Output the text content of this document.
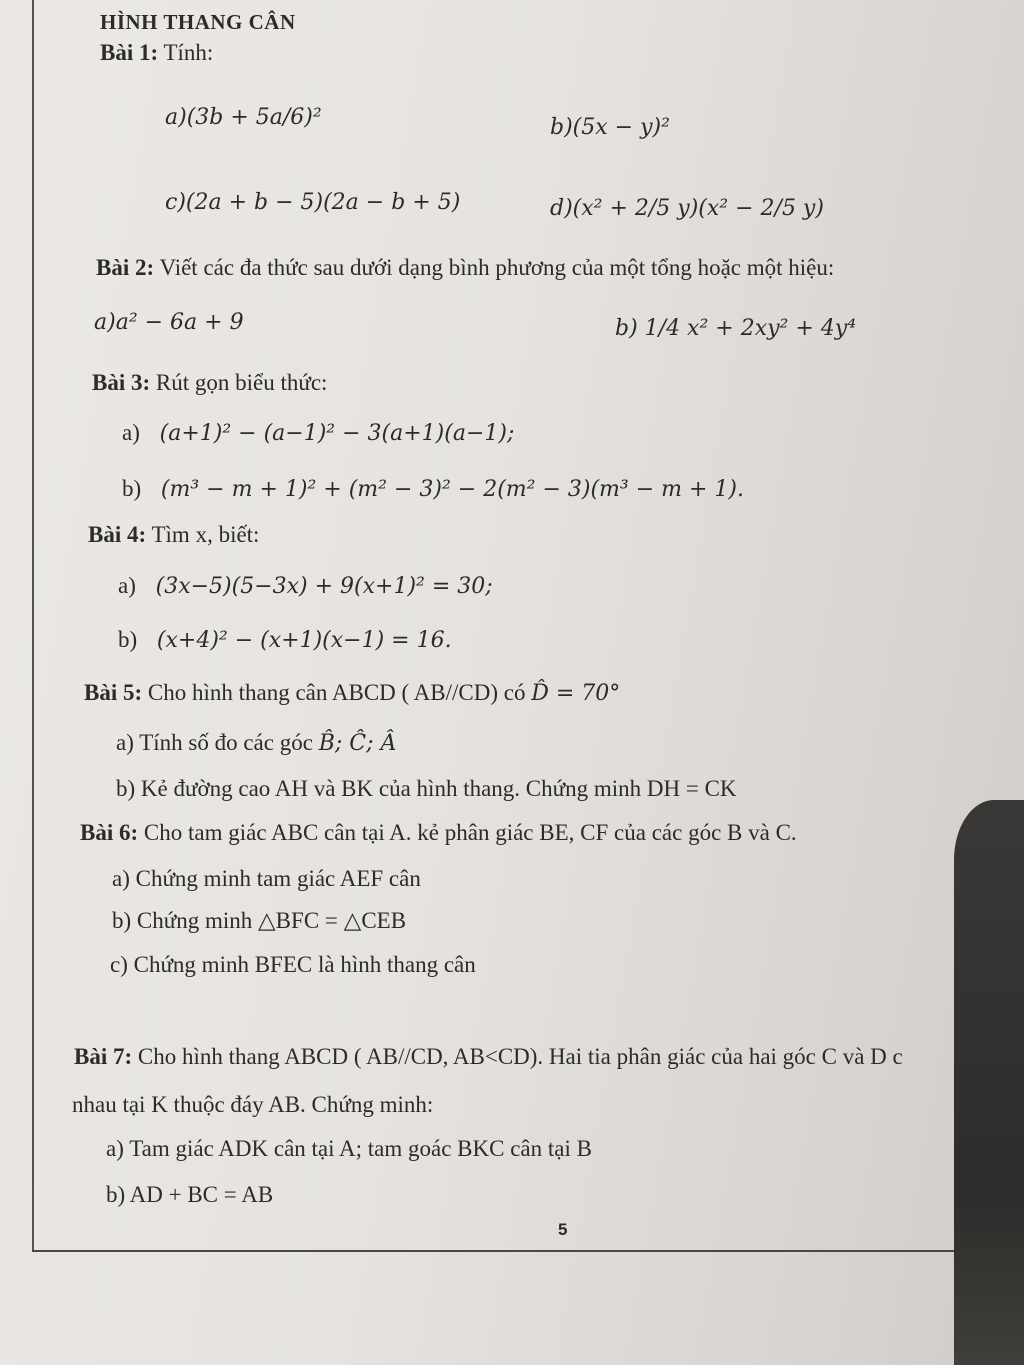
HÌNH THANG CÂN
Bài 1: Tính:
a)(3b + 5a/6)²	b)(5x − y)²
c)(2a + b − 5)(2a − b + 5)	d)(x² + 2/5 y)(x² − 2/5 y)
Bài 2: Viết các đa thức sau dưới dạng bình phương của một tổng hoặc một hiệu:
a)a² − 6a + 9	b) 1/4 x² + 2xy² + 4y⁴
Bài 3: Rút gọn biểu thức:
a) (a+1)² − (a−1)² − 3(a+1)(a−1);
b) (m³ − m + 1)² + (m² − 3)² − 2(m² − 3)(m³ − m + 1).
Bài 4: Tìm x, biết:
a) (3x−5)(5−3x) + 9(x+1)² = 30;
b) (x+4)² − (x+1)(x−1) = 16.
Bài 5: Cho hình thang cân ABCD ( AB//CD) có D̂ = 70°
a) Tính số đo các góc B̂; Ĉ; Â
b) Kẻ đường cao AH và BK của hình thang. Chứng minh DH = CK
Bài 6: Cho tam giác ABC cân tại A. kẻ phân giác BE, CF của các góc B và C.
a) Chứng minh tam giác AEF cân
b) Chứng minh △BFC = △CEB
c) Chứng minh BFEC là hình thang cân
Bài 7: Cho hình thang ABCD ( AB//CD, AB<CD). Hai tia phân giác của hai góc C và D c
nhau tại K thuộc đáy AB. Chứng minh:
a) Tam giác ADK cân tại A; tam goác BKC cân tại B
b) AD + BC = AB
5
